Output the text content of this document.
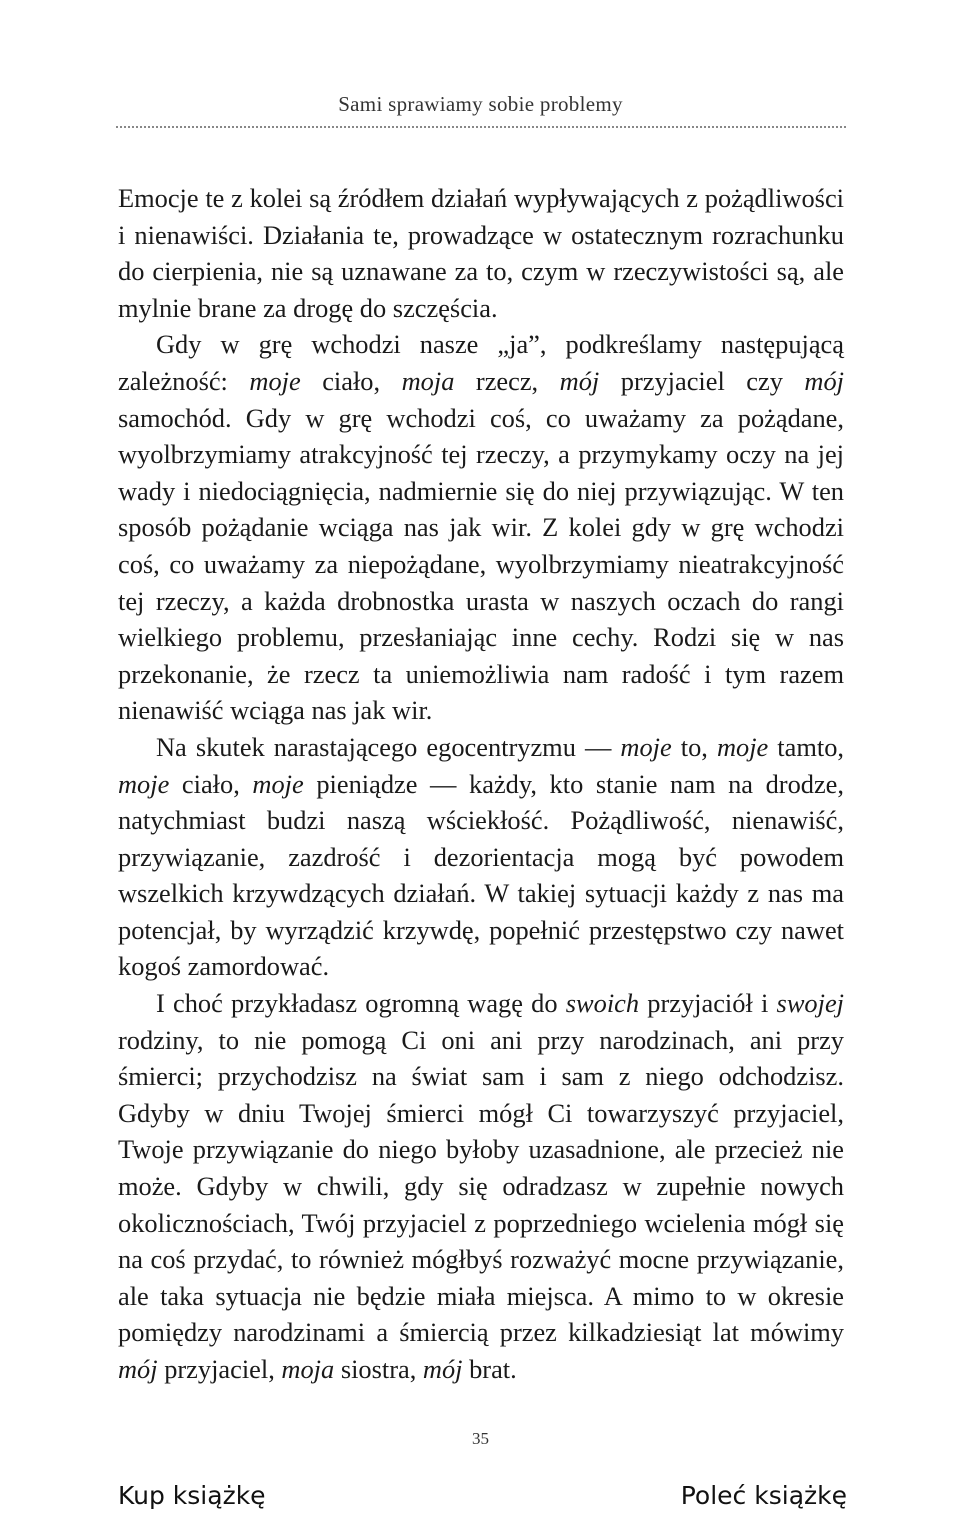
Sami sprawiamy sobie problemy

Emocje te z kolei są źródłem działań wypływających z pożądliwości i nienawiści. Działania te, prowadzące w ostatecznym rozrachunku do cierpienia, nie są uznawane za to, czym w rzeczywistości są, ale mylnie brane za drogę do szczęścia.

Gdy w grę wchodzi nasze „ja”, podkreślamy następującą zależność: moje ciało, moja rzecz, mój przyjaciel czy mój samochód. Gdy w grę wchodzi coś, co uważamy za pożądane, wyolbrzymiamy atrakcyjność tej rzeczy, a przymykamy oczy na jej wady i niedociągnięcia, nadmiernie się do niej przywiązując. W ten sposób pożądanie wciąga nas jak wir. Z kolei gdy w grę wchodzi coś, co uważamy za niepożądane, wyolbrzymiamy nieatrakcyjność tej rzeczy, a każda drobnostka urasta w naszych oczach do rangi wielkiego problemu, przesłaniając inne cechy. Rodzi się w nas przekonanie, że rzecz ta uniemożliwia nam radość i tym razem nienawiść wciąga nas jak wir.

Na skutek narastającego egocentryzmu — moje to, moje tamto, moje ciało, moje pieniądze — każdy, kto stanie nam na drodze, natychmiast budzi naszą wściekłość. Pożądliwość, nienawiść, przywiązanie, zazdrość i dezorientacja mogą być powodem wszelkich krzywdzących działań. W takiej sytuacji każdy z nas ma potencjał, by wyrządzić krzywdę, popełnić przestępstwo czy nawet kogoś zamordować.

I choć przykładasz ogromną wagę do swoich przyjaciół i swojej rodziny, to nie pomogą Ci oni ani przy narodzinach, ani przy śmierci; przychodzisz na świat sam i sam z niego odchodzisz. Gdyby w dniu Twojej śmierci mógł Ci towarzyszyć przyjaciel, Twoje przywiązanie do niego byłoby uzasadnione, ale przecież nie może. Gdyby w chwili, gdy się odradzasz w zupełnie nowych okolicznościach, Twój przyjaciel z poprzedniego wcielenia mógł się na coś przydać, to również mógłbyś rozważyć mocne przywiązanie, ale taka sytuacja nie będzie miała miejsca. A mimo to w okresie pomiędzy narodzinami a śmiercią przez kilkadziesiąt lat mówimy mój przyjaciel, moja siostra, mój brat.

35
Kup książkę	Poleć książkę
